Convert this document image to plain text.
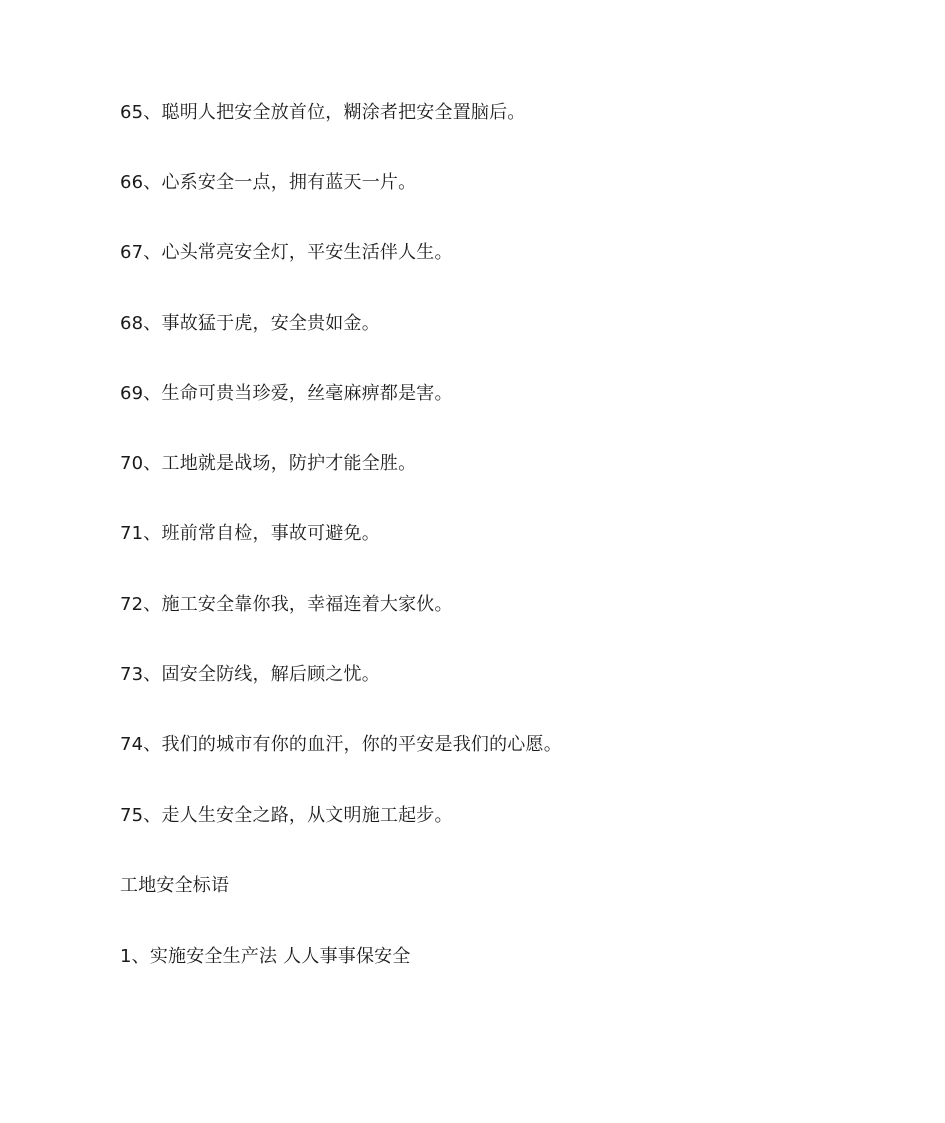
65、聪明人把安全放首位，糊涂者把安全置脑后。
66、心系安全一点，拥有蓝天一片。
67、心头常亮安全灯，平安生活伴人生。
68、事故猛于虎，安全贵如金。
69、生命可贵当珍爱，丝毫麻痹都是害。
70、工地就是战场，防护才能全胜。
71、班前常自检，事故可避免。
72、施工安全靠你我，幸福连着大家伙。
73、固安全防线，解后顾之忧。
74、我们的城市有你的血汗，你的平安是我们的心愿。
75、走人生安全之路，从文明施工起步。
工地安全标语
1、实施安全生产法 人人事事保安全
